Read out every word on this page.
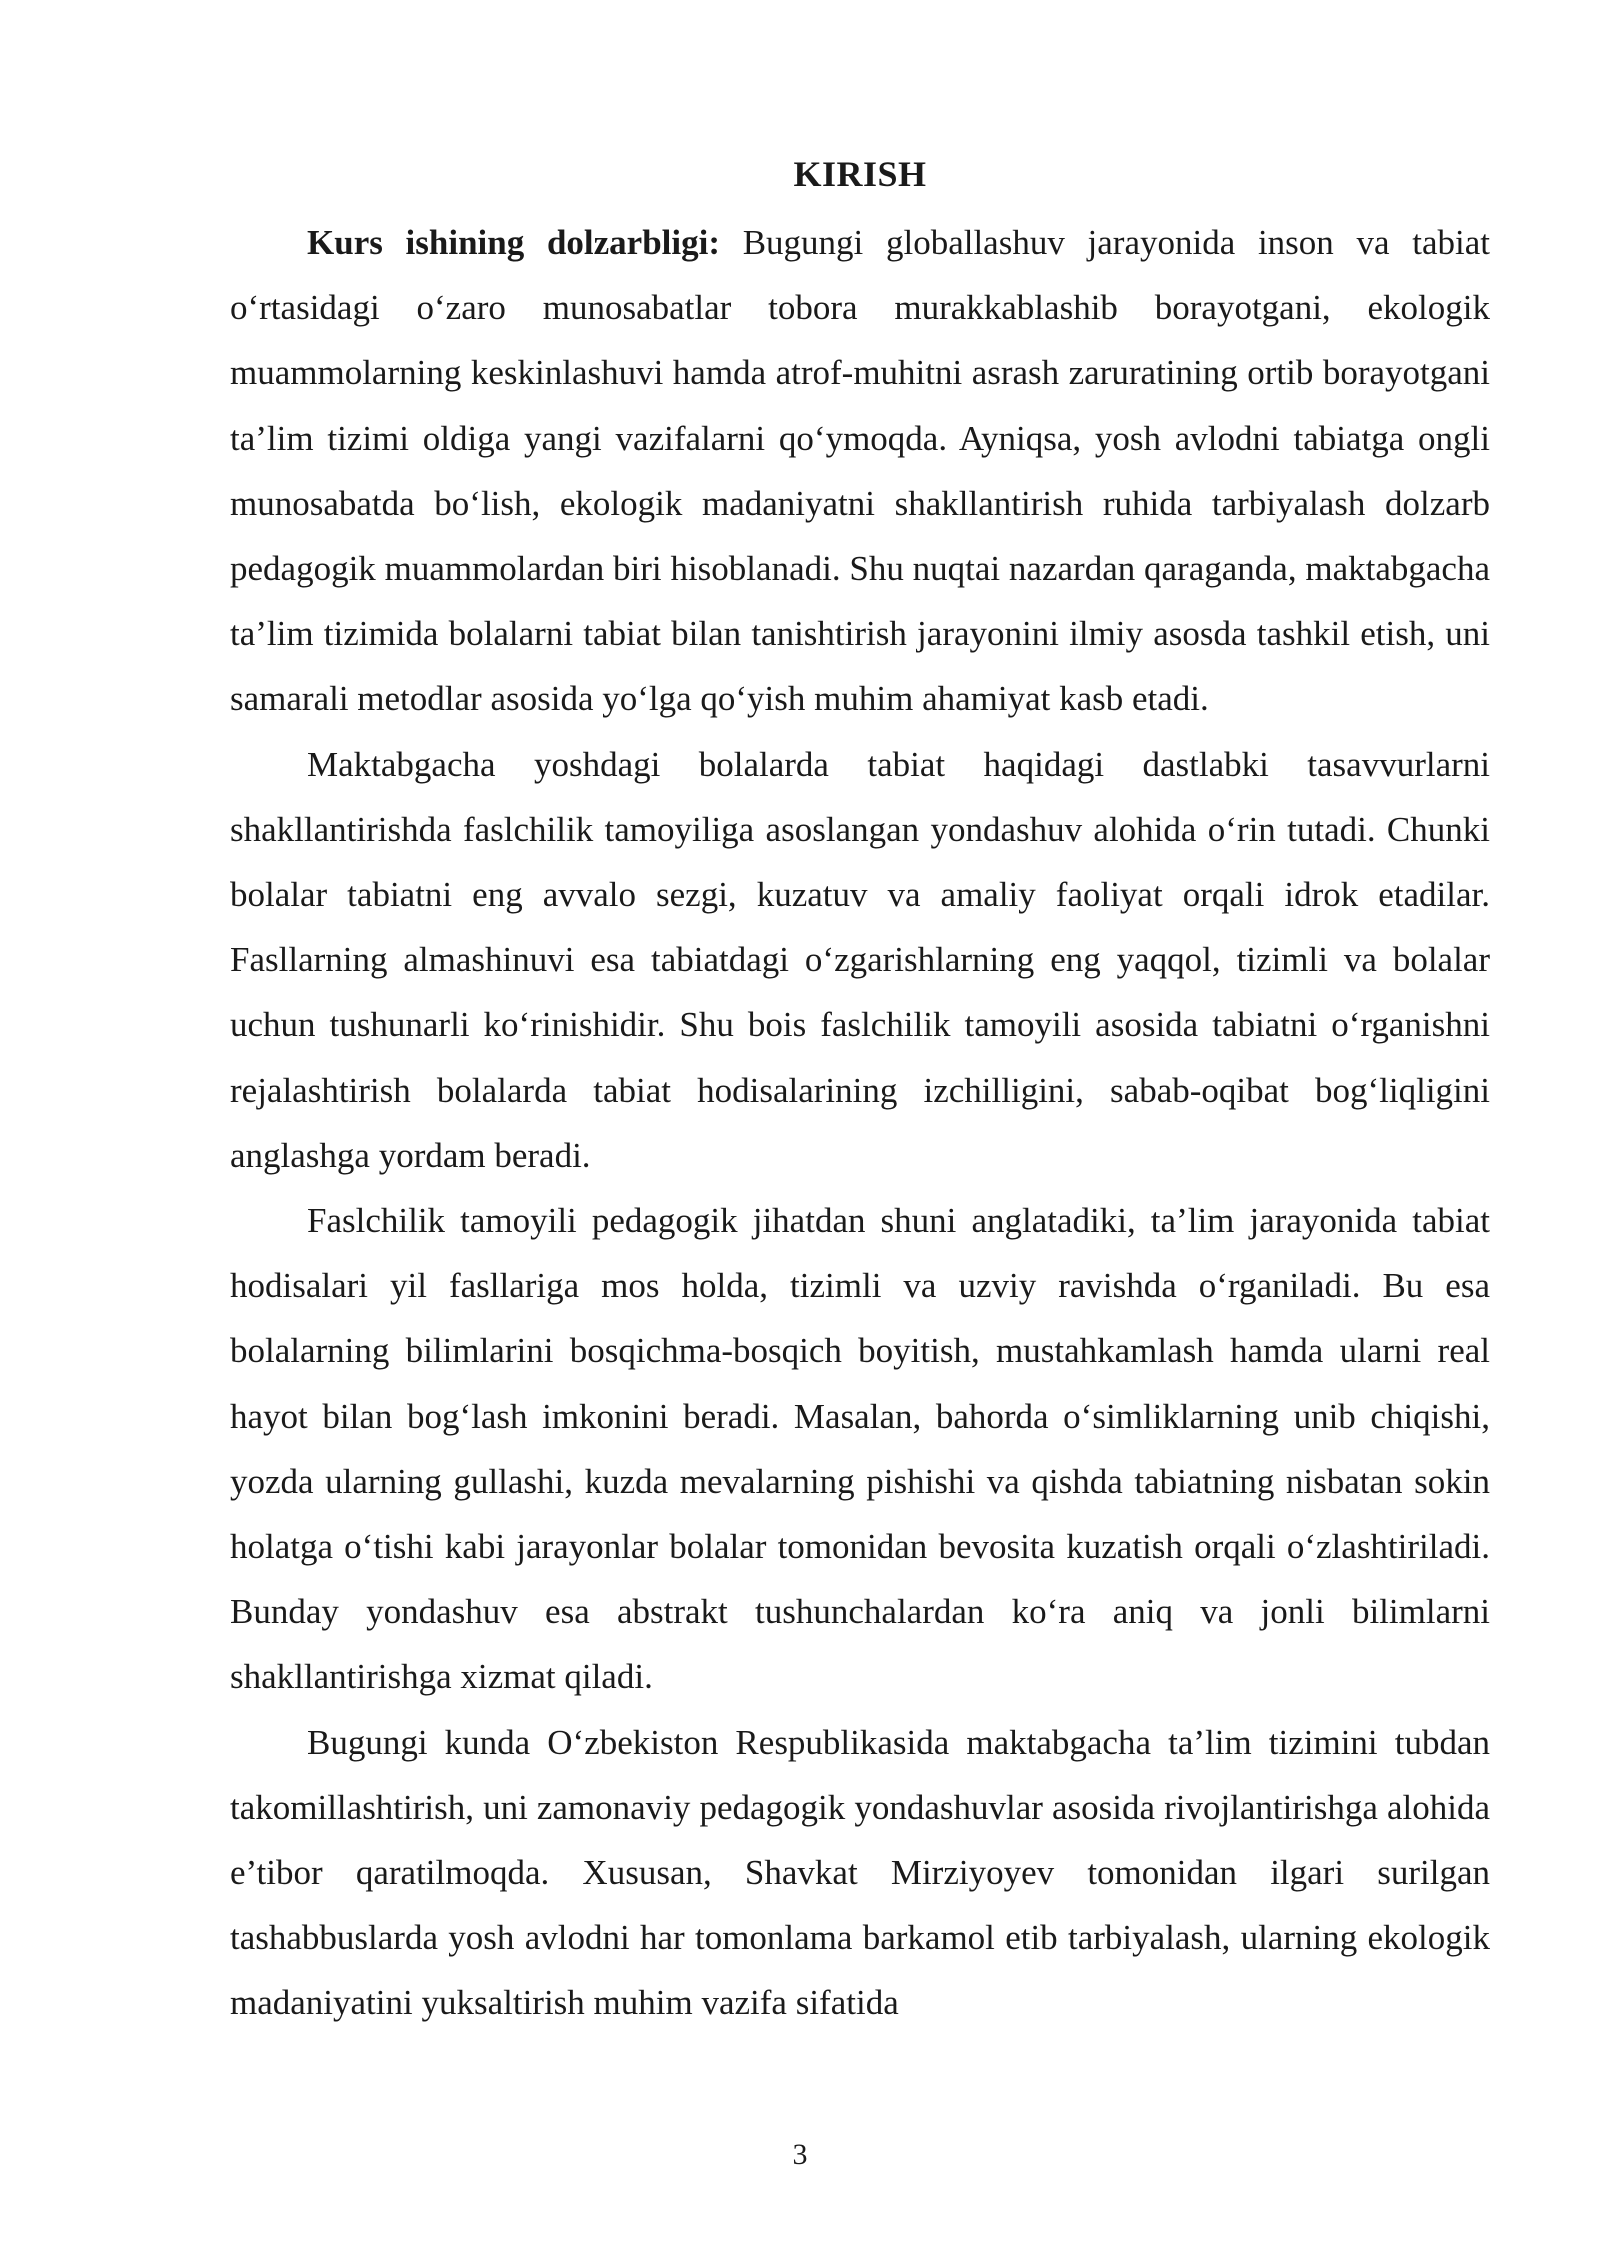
KIRISH

Kurs ishining dolzarbligi: Bugungi globallashuv jarayonida inson va tabiat o‘rtasidagi o‘zaro munosabatlar tobora murakkablashib borayotgani, ekologik muammolarning keskinlashuvi hamda atrof-muhitni asrash zaruratining ortib borayotgani ta’lim tizimi oldiga yangi vazifalarni qo‘ymoqda. Ayniqsa, yosh avlodni tabiatga ongli munosabatda bo‘lish, ekologik madaniyatni shakllantirish ruhida tarbiyalash dolzarb pedagogik muammolardan biri hisoblanadi. Shu nuqtai nazardan qaraganda, maktabgacha ta’lim tizimida bolalarni tabiat bilan tanishtirish jarayonini ilmiy asosda tashkil etish, uni samarali metodlar asosida yo‘lga qo‘yish muhim ahamiyat kasb etadi.

Maktabgacha yoshdagi bolalarda tabiat haqidagi dastlabki tasavvurlarni shakllantirishda faslchilik tamoyiliga asoslangan yondashuv alohida o‘rin tutadi. Chunki bolalar tabiatni eng avvalo sezgi, kuzatuv va amaliy faoliyat orqali idrok etadilar. Fasllarning almashinuvi esa tabiatdagi o‘zgarishlarning eng yaqqol, tizimli va bolalar uchun tushunarli ko‘rinishidir. Shu bois faslchilik tamoyili asosida tabiatni o‘rganishni rejalashtirish bolalarda tabiat hodisalarining izchilligini, sabab-oqibat bog‘liqligini anglashga yordam beradi.

Faslchilik tamoyili pedagogik jihatdan shuni anglatadiki, ta’lim jarayonida tabiat hodisalari yil fasllariga mos holda, tizimli va uzviy ravishda o‘rganiladi. Bu esa bolalarning bilimlarini bosqichma-bosqich boyitish, mustahkamlash hamda ularni real hayot bilan bog‘lash imkonini beradi. Masalan, bahorda o‘simliklarning unib chiqishi, yozda ularning gullashi, kuzda mevalarning pishishi va qishda tabiatning nisbatan sokin holatga o‘tishi kabi jarayonlar bolalar tomonidan bevosita kuzatish orqali o‘zlashtiriladi. Bunday yondashuv esa abstrakt tushunchalardan ko‘ra aniq va jonli bilimlarni shakllantirishga xizmat qiladi.

Bugungi kunda O‘zbekiston Respublikasida maktabgacha ta’lim tizimini tubdan takomillashtirish, uni zamonaviy pedagogik yondashuvlar asosida rivojlantirishga alohida e’tibor qaratilmoqda. Xususan, Shavkat Mirziyoyev tomonidan ilgari surilgan tashabbuslarda yosh avlodni har tomonlama barkamol etib tarbiyalash, ularning ekologik madaniyatini yuksaltirish muhim vazifa sifatida

3
